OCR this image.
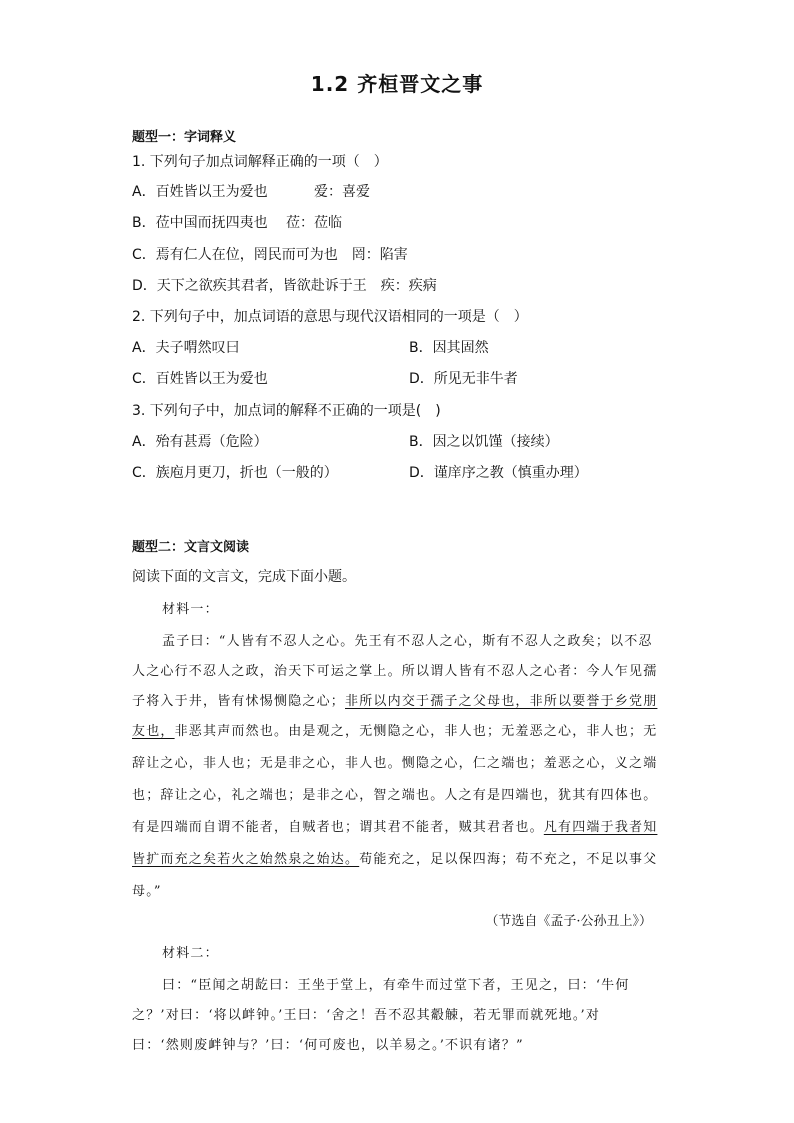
1.2 齐桓晋文之事
题型一：字词释义
1. 下列句子加点词解释正确的一项（　）
A．百姓皆以王为爱也　　　 爱：喜爱
B．莅中国而抚四夷也　 莅：莅临
C．焉有仁人在位，罔民而可为也　罔：陷害
D．天下之欲疾其君者，皆欲赴诉于王　疾：疾病
2. 下列句子中，加点词语的意思与现代汉语相同的一项是（　）
A．夫子喟然叹曰	B．因其固然
C．百姓皆以王为爱也	D．所见无非牛者
3. 下列句子中，加点词的解释不正确的一项是(　)
A．殆有甚焉（危险）	B．因之以饥馑（接续）
C．族庖月更刀，折也（一般的）	D．谨庠序之教（慎重办理）
题型二：文言文阅读
阅读下面的文言文，完成下面小题。
材料一：
孟子曰：“人皆有不忍人之心。先王有不忍人之心，斯有不忍人之政矣；以不忍
人之心行不忍人之政，治天下可运之掌上。所以谓人皆有不忍人之心者：今人乍见孺
子将入于井，皆有怵惕恻隐之心；非所以内交于孺子之父母也，非所以要誉于乡党朋
友也，非恶其声而然也。由是观之，无恻隐之心，非人也；无羞恶之心，非人也；无
辞让之心，非人也；无是非之心，非人也。恻隐之心，仁之端也；羞恶之心，义之端
也；辞让之心，礼之端也；是非之心，智之端也。人之有是四端也，犹其有四体也。
有是四端而自谓不能者，自贼者也；谓其君不能者，贼其君者也。凡有四端于我者知
皆扩而充之矣若火之始然泉之始达。苟能充之，足以保四海；苟不充之，不足以事父
母。”
（节选自《孟子·公孙丑上》）
材料二：
曰：“臣闻之胡龁曰：王坐于堂上，有牵牛而过堂下者，王见之，曰：‘牛何
之？’对曰：‘将以衅钟。’王曰：‘舍之！吾不忍其觳觫，若无罪而就死地。’对
曰：‘然则废衅钟与？’曰：‘何可废也，以羊易之。’不识有诸？”
